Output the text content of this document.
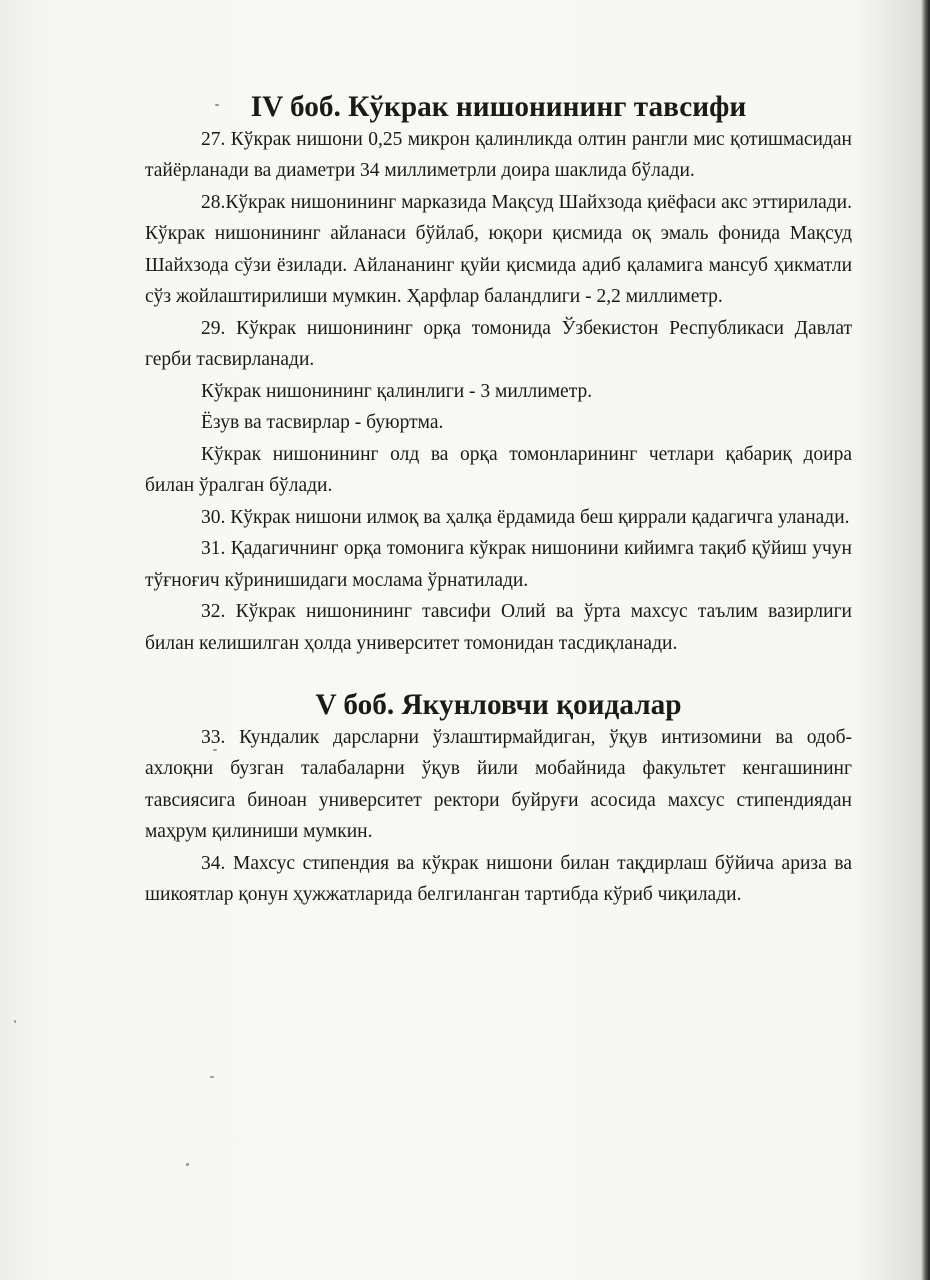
IV боб. Кўкрак нишонининг тавсифи

27. Кўкрак нишони 0,25 микрон қалинликда олтин рангли мис қотишмасидан тайёрланади ва диаметри 34 миллиметрли доира шаклида бўлади.

28.Кўкрак нишонининг марказида Мақсуд Шайхзода қиёфаси акс эттирилади. Кўкрак нишонининг айланаси бўйлаб, юқори қисмида оқ эмаль фонида Мақсуд Шайхзода сўзи ёзилади. Айлананинг қуйи қисмида адиб қаламига мансуб ҳикматли сўз жойлаштирилиши мумкин. Ҳарфлар баландлиги - 2,2 миллиметр.

29. Кўкрак нишонининг орқа томонида Ўзбекистон Республикаси Давлат герби тасвирланади.

Кўкрак нишонининг қалинлиги - 3 миллиметр.

Ёзув ва тасвирлар - буюртма.

Кўкрак нишонининг олд ва орқа томонларининг четлари қабариқ доира билан ўралган бўлади.

30. Кўкрак нишони илмоқ ва ҳалқа ёрдамида беш қиррали қадагичга уланади.

31. Қадагичнинг орқа томонига кўкрак нишонини кийимга тақиб қўйиш учун тўғноғич кўринишидаги мослама ўрнатилади.

32. Кўкрак нишонининг тавсифи Олий ва ўрта махсус таълим вазирлиги билан келишилган ҳолда университет томонидан тасдиқланади.

V боб. Якунловчи қоидалар

33. Кундалик дарсларни ўзлаштирмайдиган, ўқув интизомини ва одоб-ахлоқни бузган талабаларни ўқув йили мобайнида факультет кенгашининг тавсиясига биноан университет ректори буйруғи асосида махсус стипендиядан маҳрум қилиниши мумкин.

34. Махсус стипендия ва кўкрак нишони билан тақдирлаш бўйича ариза ва шикоятлар қонун ҳужжатларида белгиланган тартибда кўриб чиқилади.
